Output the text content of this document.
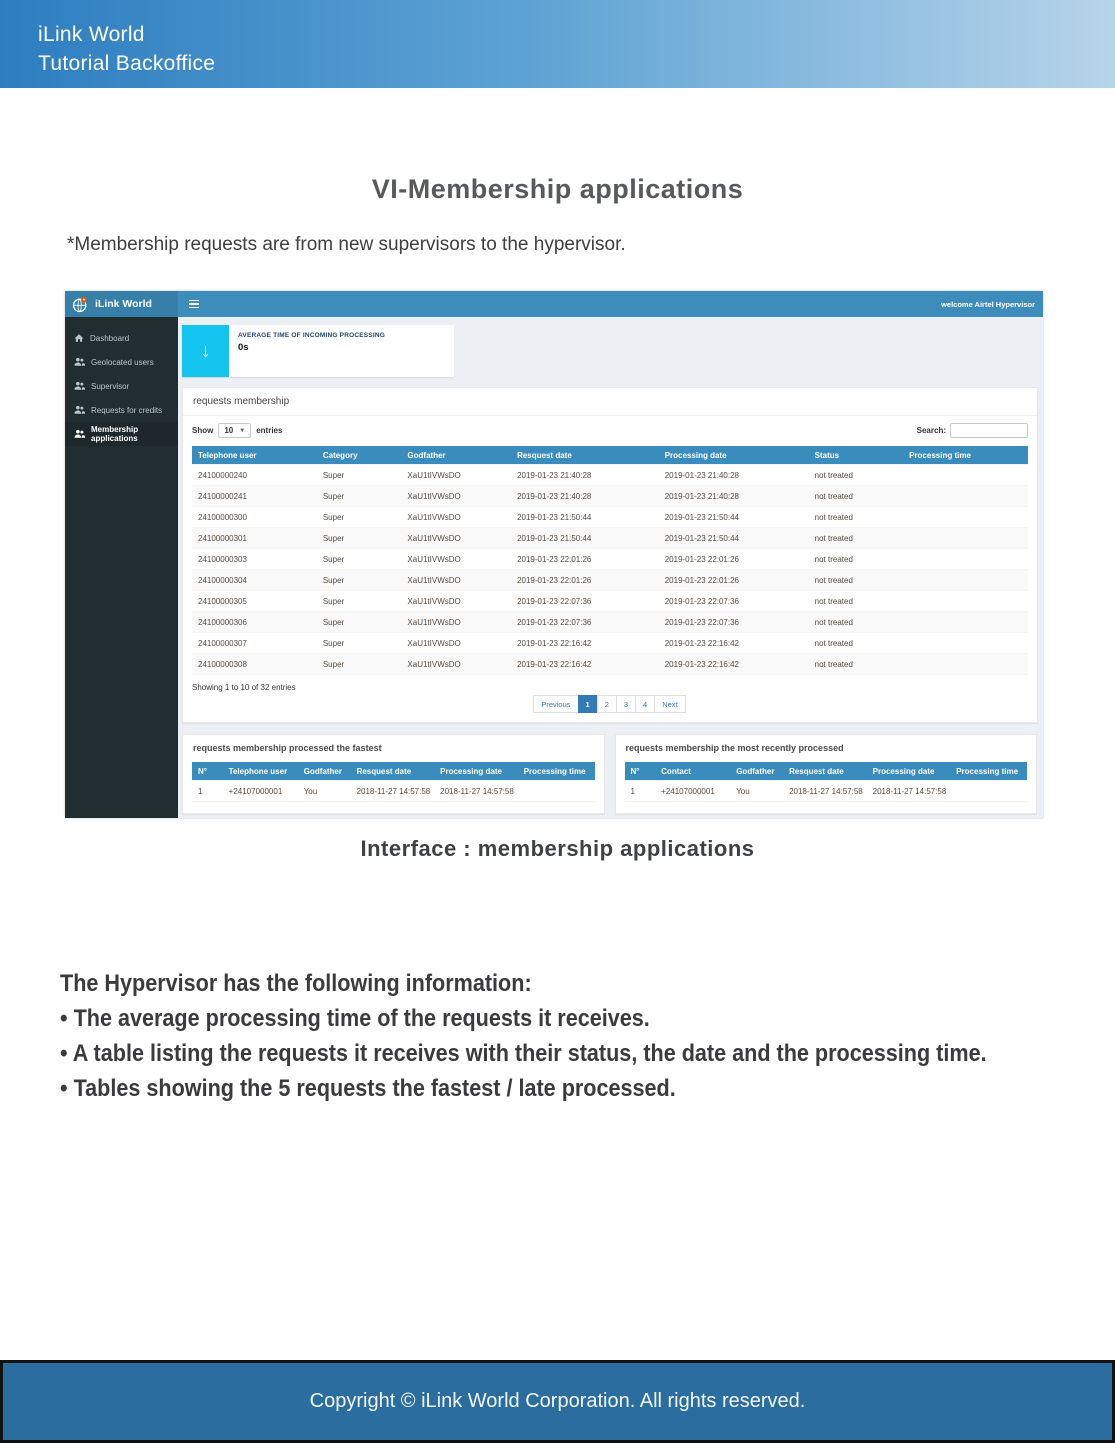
iLink World
Tutorial Backoffice
VI-Membership applications
*Membership requests are from new supervisors to the hypervisor.
iLink World	welcome Airtel Hypervisor
Dashboard
Geolocated users
Supervisor
Requests for credits
Membership applications
↓
AVERAGE TIME OF INCOMING PROCESSING
0s
requests membership
Show 10 ▼ entries	Search:
Telephone user	Category	Godfather	Resquest date	Processing date	Status	Processing time
24100000240	Super	XaU1tIVWsDO	2019-01-23 21:40:28	2019-01-23 21:40:28	not treated	
24100000241	Super	XaU1tIVWsDO	2019-01-23 21:40:28	2019-01-23 21:40:28	not treated	
24100000300	Super	XaU1tIVWsDO	2019-01-23 21:50:44	2019-01-23 21:50:44	not treated	
24100000301	Super	XaU1tIVWsDO	2019-01-23 21:50:44	2019-01-23 21:50:44	not treated	
24100000303	Super	XaU1tIVWsDO	2019-01-23 22:01:26	2019-01-23 22:01:26	not treated	
24100000304	Super	XaU1tIVWsDO	2019-01-23 22:01:26	2019-01-23 22:01:26	not treated	
24100000305	Super	XaU1tIVWsDO	2019-01-23 22:07:36	2019-01-23 22:07:36	not treated	
24100000306	Super	XaU1tIVWsDO	2019-01-23 22:07:36	2019-01-23 22:07:36	not treated	
24100000307	Super	XaU1tIVWsDO	2019-01-23 22:16:42	2019-01-23 22:16:42	not treated	
24100000308	Super	XaU1tIVWsDO	2019-01-23 22:16:42	2019-01-23 22:16:42	not treated	
Showing 1 to 10 of 32 entries
Previous	1	2	3	4	Next
requests membership processed the fastest
N°	Telephone user	Godfather	Resquest date	Processing date	Processing time
1	+24107000001	You	2018-11-27 14:57:58	2018-11-27 14:57:58	
requests membership the most recently processed
N°	Contact	Godfather	Resquest date	Processing date	Processing time
1	+24107000001	You	2018-11-27 14:57:58	2018-11-27 14:57:58	
Interface : membership applications
The Hypervisor has the following information:
• The average processing time of the requests it receives.
• A table listing the requests it receives with their status, the date and the processing time.
• Tables showing the 5 requests the fastest / late processed.
Copyright © iLink World Corporation. All rights reserved.
